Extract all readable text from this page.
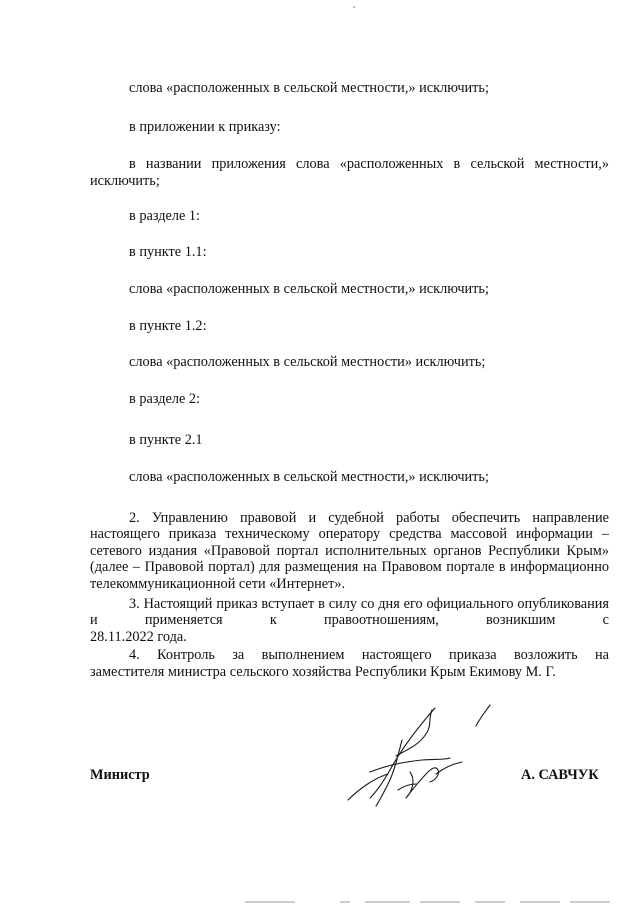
слова «расположенных в сельской местности,» исключить;
в приложении к приказу:
в названии приложения слова «расположенных в сельской местности,»
исключить;
в разделе 1:
в пункте 1.1:
слова «расположенных в сельской местности,» исключить;
в пункте 1.2:
слова «расположенных в сельской местности» исключить;
в разделе 2:
в пункте 2.1
слова «расположенных в сельской местности,» исключить;
2. Управлению правовой и судебной работы обеспечить направление настоящего приказа техническому оператору средства массовой информации – сетевого издания «Правовой портал исполнительных органов Республики Крым» (далее – Правовой портал) для размещения на Правовом портале в информационно телекоммуникационной сети «Интернет».
3. Настоящий приказ вступает в силу со дня его официального опубликования и применяется к правоотношениям, возникшим с
28.11.2022 года.
4. Контроль за выполнением настоящего приказа возложить на
заместителя министра сельского хозяйства Республики Крым Екимову М. Г.
Министр	А. САВЧУК
